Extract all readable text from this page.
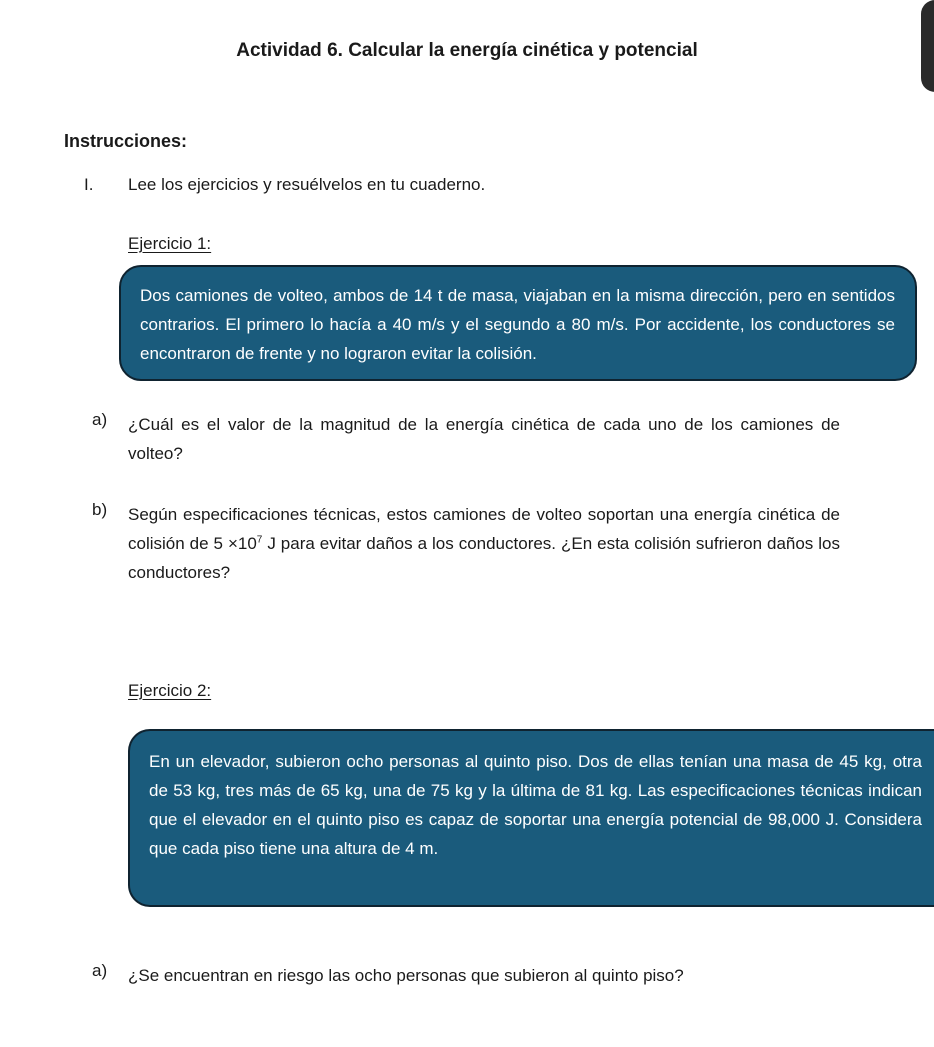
Actividad 6. Calcular la energía cinética y potencial
Instrucciones:
I. Lee los ejercicios y resuélvelos en tu cuaderno.
Ejercicio 1:
Dos camiones de volteo, ambos de 14 t de masa, viajaban en la misma dirección, pero en sentidos contrarios. El primero lo hacía a 40 m/s y el segundo a 80 m/s. Por accidente, los conductores se encontraron de frente y no lograron evitar la colisión.
a) ¿Cuál es el valor de la magnitud de la energía cinética de cada uno de los camiones de volteo?
b) Según especificaciones técnicas, estos camiones de volteo soportan una energía cinética de colisión de $5 \times 10^7$ J para evitar daños a los conductores. ¿En esta colisión sufrieron daños los conductores?
Ejercicio 2:
En un elevador, subieron ocho personas al quinto piso. Dos de ellas tenían una masa de 45 kg, otra de 53 kg, tres más de 65 kg, una de 75 kg y la última de 81 kg. Las especificaciones técnicas indican que el elevador en el quinto piso es capaz de soportar una energía potencial de 98,000 J. Considera que cada piso tiene una altura de 4 m.
a) ¿Se encuentran en riesgo las ocho personas que subieron al quinto piso?
